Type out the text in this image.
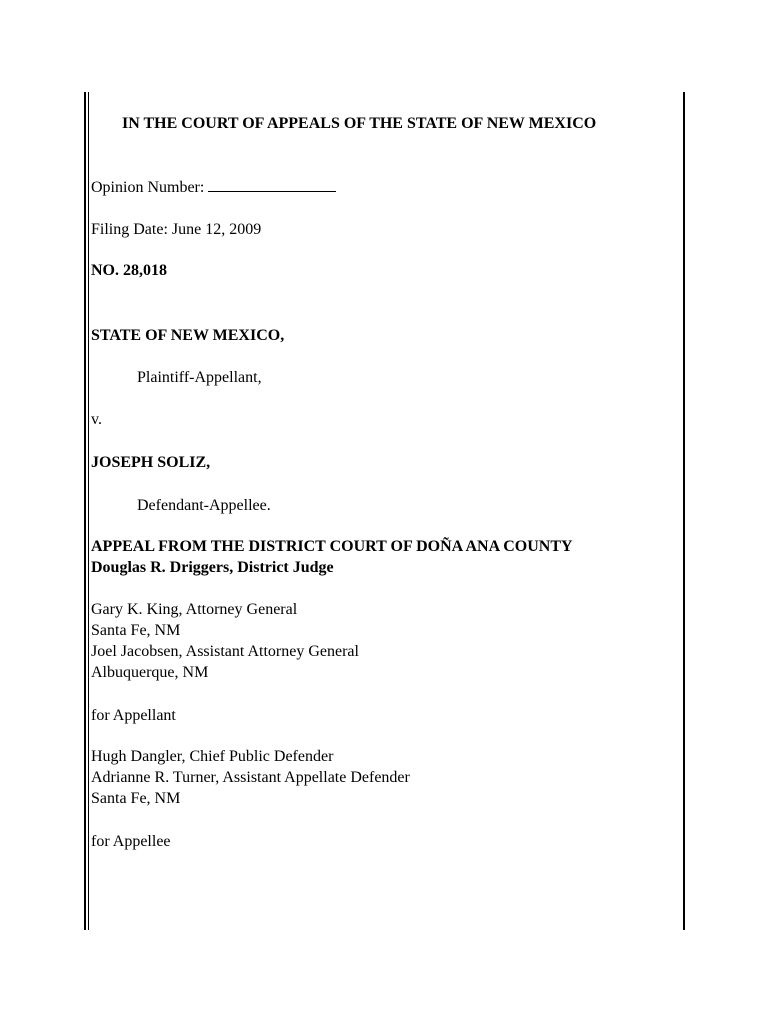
IN THE COURT OF APPEALS OF THE STATE OF NEW MEXICO
Opinion Number:
Filing Date: June 12, 2009
NO. 28,018
STATE OF NEW MEXICO,
Plaintiff-Appellant,
v.
JOSEPH SOLIZ,
Defendant-Appellee.
APPEAL FROM THE DISTRICT COURT OF DOÑA ANA COUNTY
Douglas R. Driggers, District Judge
Gary K. King, Attorney General
Santa Fe, NM
Joel Jacobsen, Assistant Attorney General
Albuquerque, NM
for Appellant
Hugh Dangler, Chief Public Defender
Adrianne R. Turner, Assistant Appellate Defender
Santa Fe, NM
for Appellee
